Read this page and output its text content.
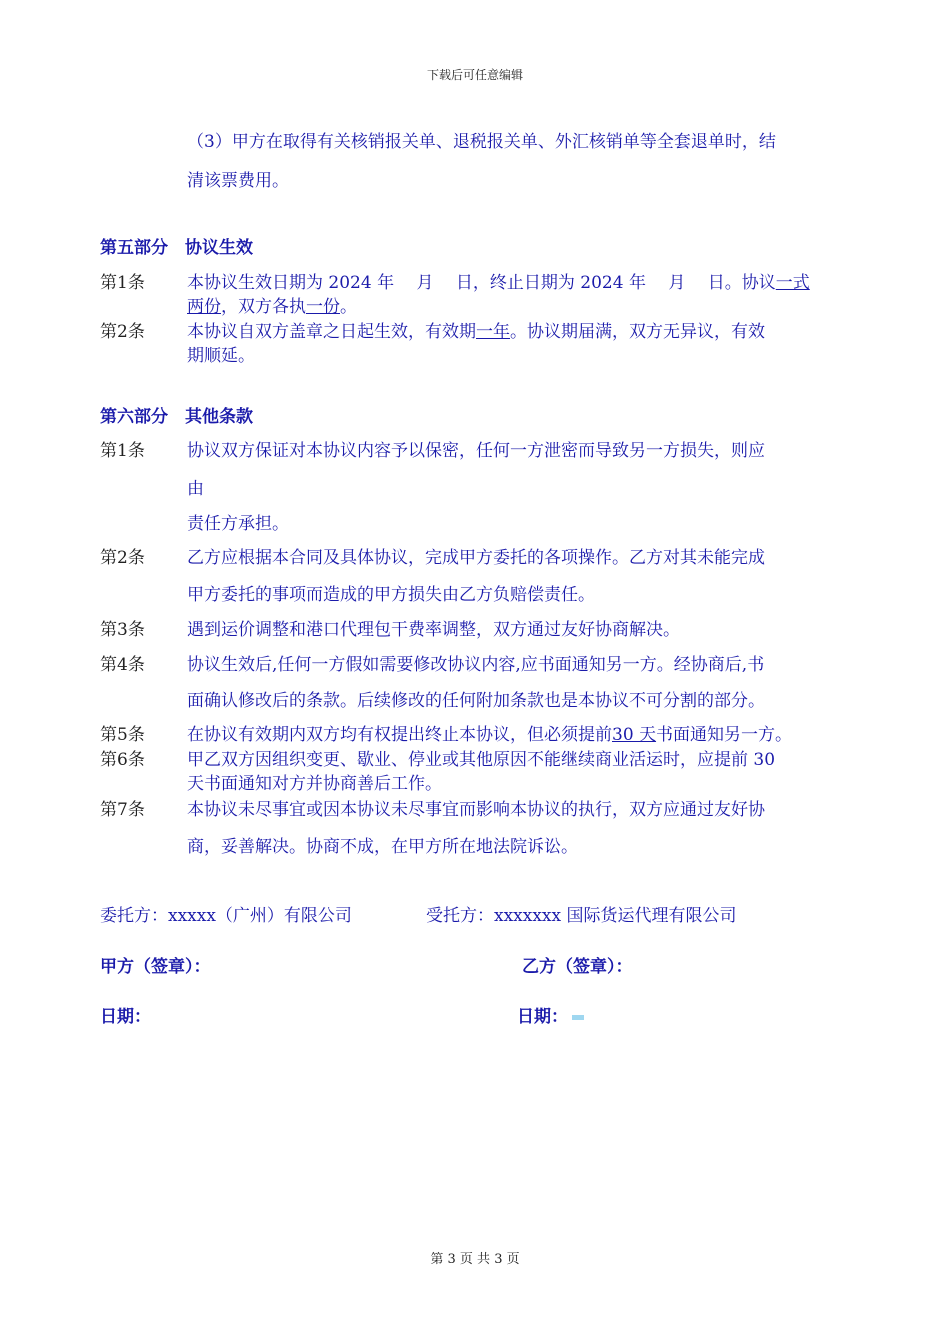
下载后可任意编辑
（3）甲方在取得有关核销报关单、退税报关单、外汇核销单等全套退单时，结
清该票费用。
第五部分　协议生效
第1条 本协议生效日期为 2024 年　 月　 日，终止日期为 2024 年　 月　 日。协议一式
两份，双方各执一份。
第2条 本协议自双方盖章之日起生效，有效期一年。协议期届满，双方无异议，有效
期顺延。
第六部分　其他条款
第1条 协议双方保证对本协议内容予以保密，任何一方泄密而导致另一方损失，则应
由
责任方承担。
第2条 乙方应根据本合同及具体协议，完成甲方委托的各项操作。乙方对其未能完成
甲方委托的事项而造成的甲方损失由乙方负赔偿责任。
第3条 遇到运价调整和港口代理包干费率调整，双方通过友好协商解决。
第4条 协议生效后,任何一方假如需要修改协议内容,应书面通知另一方。经协商后,书
面确认修改后的条款。后续修改的任何附加条款也是本协议不可分割的部分。
第5条 在协议有效期内双方均有权提出终止本协议，但必须提前30 天书面通知另一方。
第6条 甲乙双方因组织变更、歇业、停业或其他原因不能继续商业活运时，应提前 30
天书面通知对方并协商善后工作。
第7条 本协议未尽事宜或因本协议未尽事宜而影响本协议的执行，双方应通过友好协
商，妥善解决。协商不成，在甲方所在地法院诉讼。
委托方：xxxxx（广州）有限公司	受托方：xxxxxxx 国际货运代理有限公司
甲方（签章）：	乙方（签章）：
日期：	日期：
第 3 页 共 3 页
